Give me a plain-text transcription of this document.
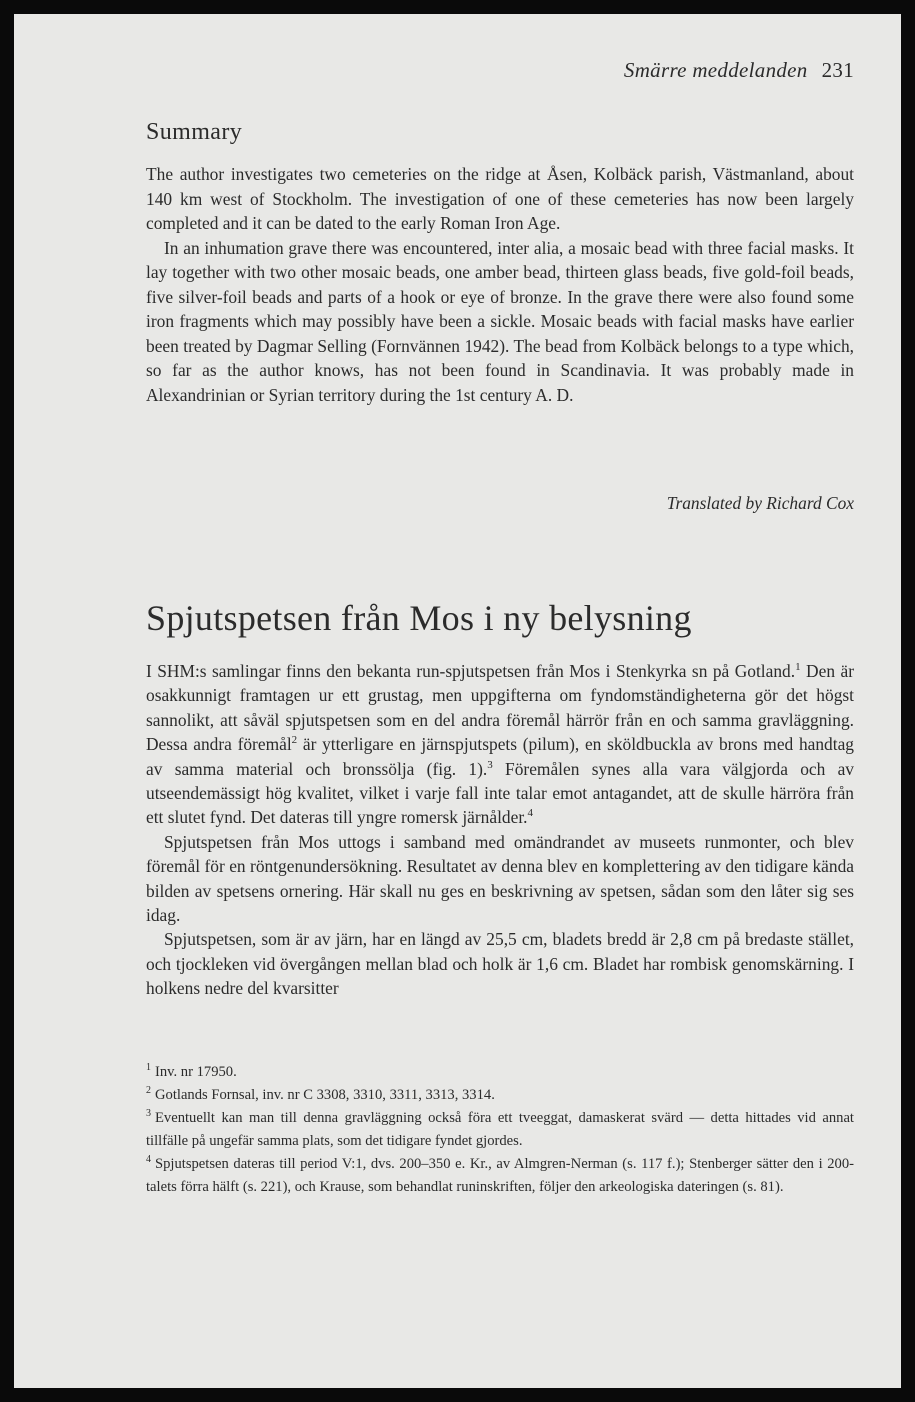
Smärre meddelanden 231
Summary

The author investigates two cemeteries on the ridge at Åsen, Kolbäck parish, Västmanland, about 140 km west of Stockholm. The investigation of one of these cemeteries has now been largely completed and it can be dated to the early Roman Iron Age.

In an inhumation grave there was encountered, inter alia, a mosaic bead with three facial masks. It lay together with two other mosaic beads, one amber bead, thirteen glass beads, five gold-foil beads, five silver-foil beads and parts of a hook or eye of bronze. In the grave there were also found some iron fragments which may possibly have been a sickle. Mosaic beads with facial masks have earlier been treated by Dagmar Selling (Fornvännen 1942). The bead from Kolbäck belongs to a type which, so far as the author knows, has not been found in Scandinavia. It was probably made in Alexandrinian or Syrian territory during the 1st century A. D.

Translated by Richard Cox
Spjutspetsen från Mos i ny belysning

I SHM:s samlingar finns den bekanta run-spjutspetsen från Mos i Stenkyrka sn på Gotland.$^1$ Den är osakkunnigt framtagen ur ett grustag, men uppgifterna om fyndomständigheterna gör det högst sannolikt, att såväl spjutspetsen som en del andra föremål härrör från en och samma gravläggning. Dessa andra föremål$^2$ är ytterligare en järnspjutspets (pilum), en sköldbuckla av brons med handtag av samma material och bronssölja (fig. 1).$^3$ Föremålen synes alla vara välgjorda och av utseendemässigt hög kvalitet, vilket i varje fall inte talar emot antagandet, att de skulle härröra från ett slutet fynd. Det dateras till yngre romersk järnålder.$^4$

Spjutspetsen från Mos uttogs i samband med omändrandet av museets runmonter, och blev föremål för en röntgenundersökning. Resultatet av denna blev en komplettering av den tidigare kända bilden av spetsens ornering. Här skall nu ges en beskrivning av spetsen, sådan som den låter sig ses idag.

Spjutspetsen, som är av järn, har en längd av 25,5 cm, bladets bredd är 2,8 cm på bredaste stället, och tjockleken vid övergången mellan blad och holk är 1,6 cm. Bladet har rombisk genomskärning. I holkens nedre del kvarsitter

$^1$ Inv. nr 17950.

$^2$ Gotlands Fornsal, inv. nr C 3308, 3310, 3311, 3313, 3314.

$^3$ Eventuellt kan man till denna gravläggning också föra ett tveeggat, damaskerat svärd — detta hittades vid annat tillfälle på ungefär samma plats, som det tidigare fyndet gjordes.

$^4$ Spjutspetsen dateras till period V:1, dvs. 200–350 e. Kr., av Almgren-Nerman (s. 117 f.); Stenberger sätter den i 200-talets förra hälft (s. 221), och Krause, som behandlat runinskriften, följer den arkeologiska dateringen (s. 81).
